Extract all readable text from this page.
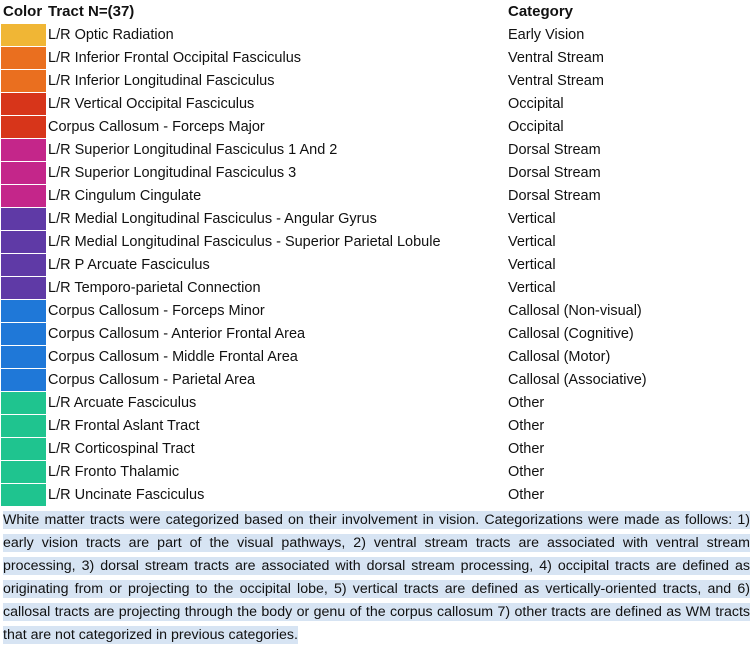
Color Tract N=(37)	Category
L/R Optic Radiation	Early Vision
L/R Inferior Frontal Occipital Fasciculus	Ventral Stream
L/R Inferior Longitudinal Fasciculus	Ventral Stream
L/R Vertical Occipital Fasciculus	Occipital
Corpus Callosum - Forceps Major	Occipital
L/R Superior Longitudinal Fasciculus 1 And 2	Dorsal Stream
L/R Superior Longitudinal Fasciculus 3	Dorsal Stream
L/R Cingulum Cingulate	Dorsal Stream
L/R Medial Longitudinal Fasciculus - Angular Gyrus	Vertical
L/R Medial Longitudinal Fasciculus - Superior Parietal Lobule	Vertical
L/R P Arcuate Fasciculus	Vertical
L/R Temporo-parietal Connection	Vertical
Corpus Callosum - Forceps Minor	Callosal (Non-visual)
Corpus Callosum - Anterior Frontal Area	Callosal (Cognitive)
Corpus Callosum - Middle Frontal Area	Callosal (Motor)
Corpus Callosum - Parietal Area	Callosal (Associative)
L/R Arcuate Fasciculus	Other
L/R Frontal Aslant Tract	Other
L/R Corticospinal Tract	Other
L/R Fronto Thalamic	Other
L/R Uncinate Fasciculus	Other
White matter tracts were categorized based on their involvement in vision. Categorizations were made as follows: 1) early vision tracts are part of the visual pathways, 2) ventral stream tracts are associated with ventral stream processing, 3) dorsal stream tracts are associated with dorsal stream processing, 4) occipital tracts are defined as originating from or projecting to the occipital lobe, 5) vertical tracts are defined as vertically-oriented tracts, and 6) callosal tracts are projecting through the body or genu of the corpus callosum 7) other tracts are defined as WM tracts that are not categorized in previous categories.
